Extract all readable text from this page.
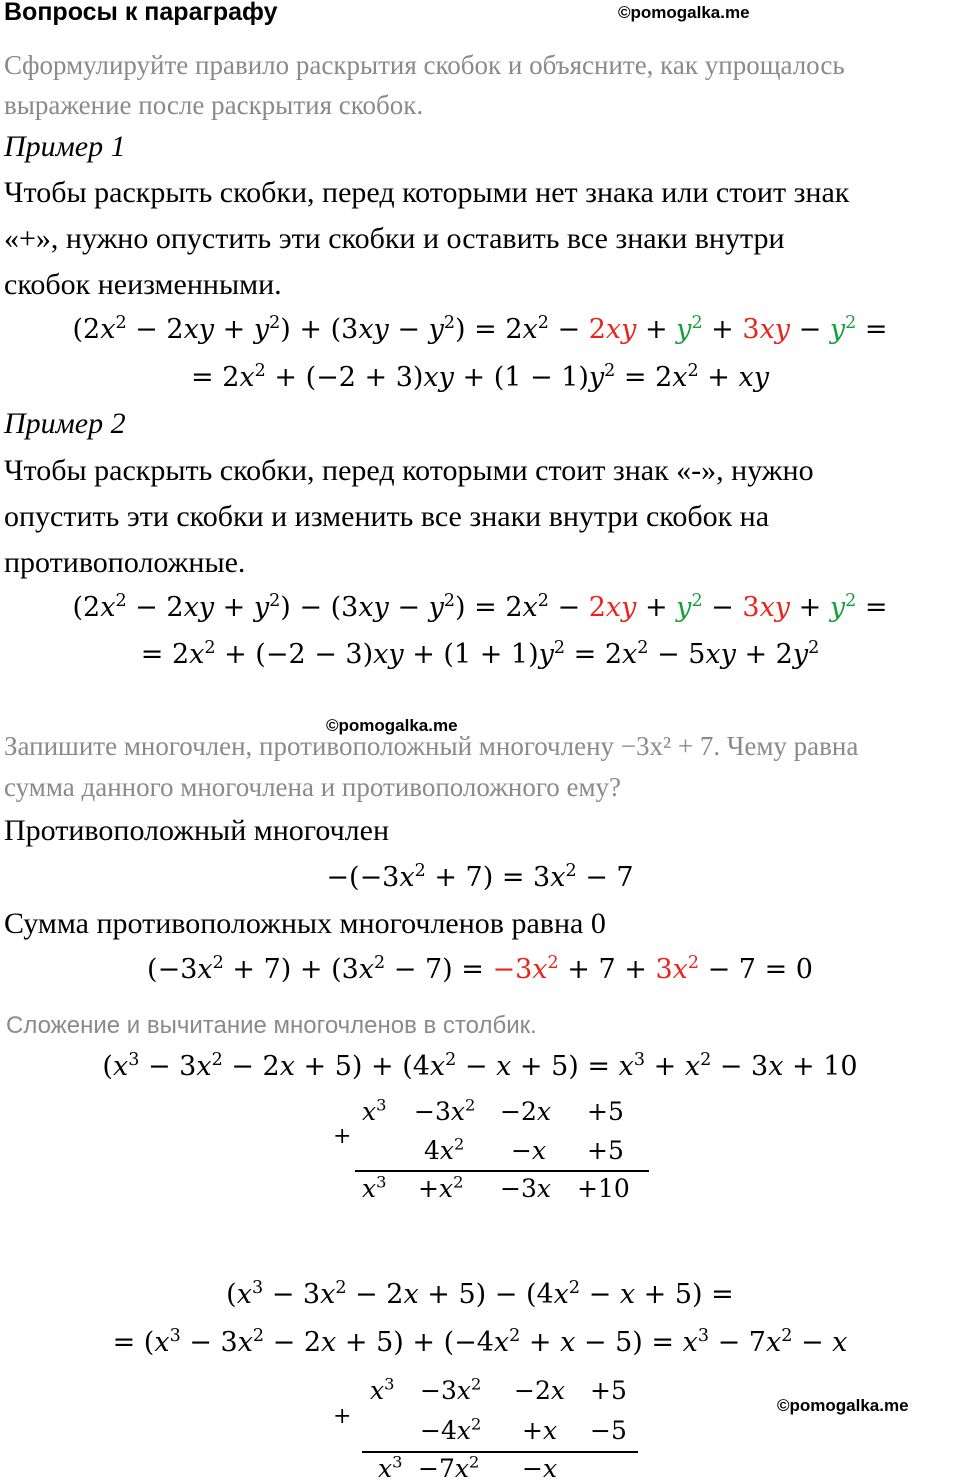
Вопросы к параграфу	©pomogalka.me
Сформулируйте правило раскрытия скобок и объясните, как упрощалось
выражение после раскрытия скобок.
Пример 1
Чтобы раскрыть скобки, перед которыми нет знака или стоит знак
«+», нужно опустить эти скобки и оставить все знаки внутри
скобок неизменными.
$(2x^2 - 2xy + y^2) + (3xy - y^2) = 2x^2 - 2xy + y^2 + 3xy - y^2$ =
= $2x^2 + (-2 + 3)xy + (1 - 1)y^2 = 2x^2$ + xy
Пример 2
Чтобы раскрыть скобки, перед которыми стоит знак «-», нужно
опустить эти скобки и изменить все знаки внутри скобок на
противоположные.
$(2x^2 - 2xy + y^2) - (3xy - y^2) = 2x^2 - 2xy + y^2 - 3xy + y^2$ =
= $2x^2 + (-2 - 3)xy + (1 + 1)y^2 = 2x^2 - 5xy + 2y^2$
©pomogalka.me
Запишите многочлен, противоположный многочлену −3x² + 7. Чему равна
сумма данного многочлена и противоположного ему?
Противоположный многочлен
$-(-3x^2 + 7) = 3x^2 - 7$
Сумма противоположных многочленов равна 0
$(-3x^2 + 7) + (3x^2 - 7) = -3x^2 + 7 + 3x^2 - 7 = 0$
Сложение и вычитание многочленов в столбик.
$(x^3 - 3x^2 - 2x + 5) + (4x^2 - x + 5) = x^3 + x^2 - 3x + 10$
+
$x^3 -3x^2 -2x +5$
$4x^2 -x +5$
$x^3 +x^2 -3x +10$
$(x^3 - 3x^2 - 2x + 5) - (4x^2 - x + 5)$ =
= $(x^3 - 3x^2 - 2x + 5) + (-4x^2 + x - 5) = x^3 - 7x^2 - x$
+
$x^3 -3x^2 -2x +5$
$-4x^2 +x -5$
$x^3 -7x^2 -x$
©pomogalka.me
